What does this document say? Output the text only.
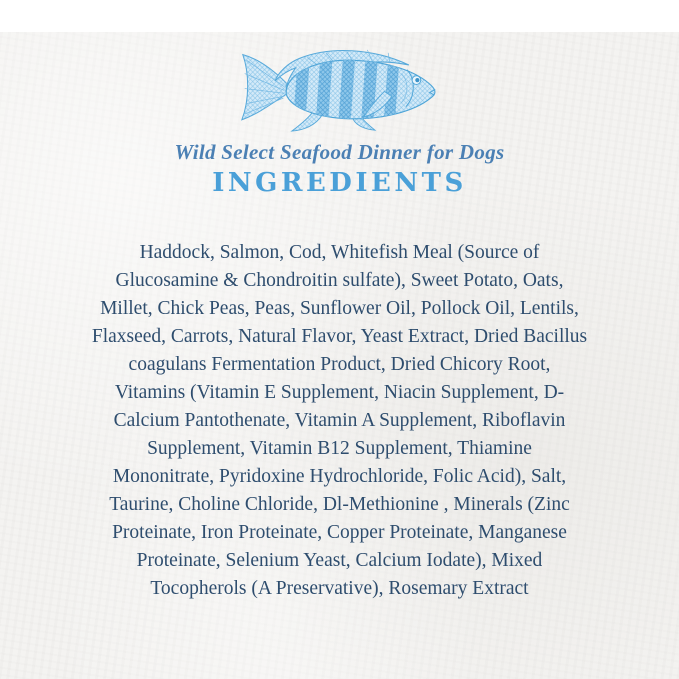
Wild Select Seafood Dinner for Dogs
INGREDIENTS
Haddock, Salmon, Cod, Whitefish Meal (Source of
Glucosamine & Chondroitin sulfate), Sweet Potato, Oats,
Millet, Chick Peas, Peas, Sunflower Oil, Pollock Oil, Lentils,
Flaxseed, Carrots, Natural Flavor, Yeast Extract, Dried Bacillus
coagulans Fermentation Product, Dried Chicory Root,
Vitamins (Vitamin E Supplement, Niacin Supplement, D-
Calcium Pantothenate, Vitamin A Supplement, Riboflavin
Supplement, Vitamin B12 Supplement, Thiamine
Mononitrate, Pyridoxine Hydrochloride, Folic Acid), Salt,
Taurine, Choline Chloride, Dl-Methionine , Minerals (Zinc
Proteinate, Iron Proteinate, Copper Proteinate, Manganese
Proteinate, Selenium Yeast, Calcium Iodate), Mixed
Tocopherols (A Preservative), Rosemary Extract
